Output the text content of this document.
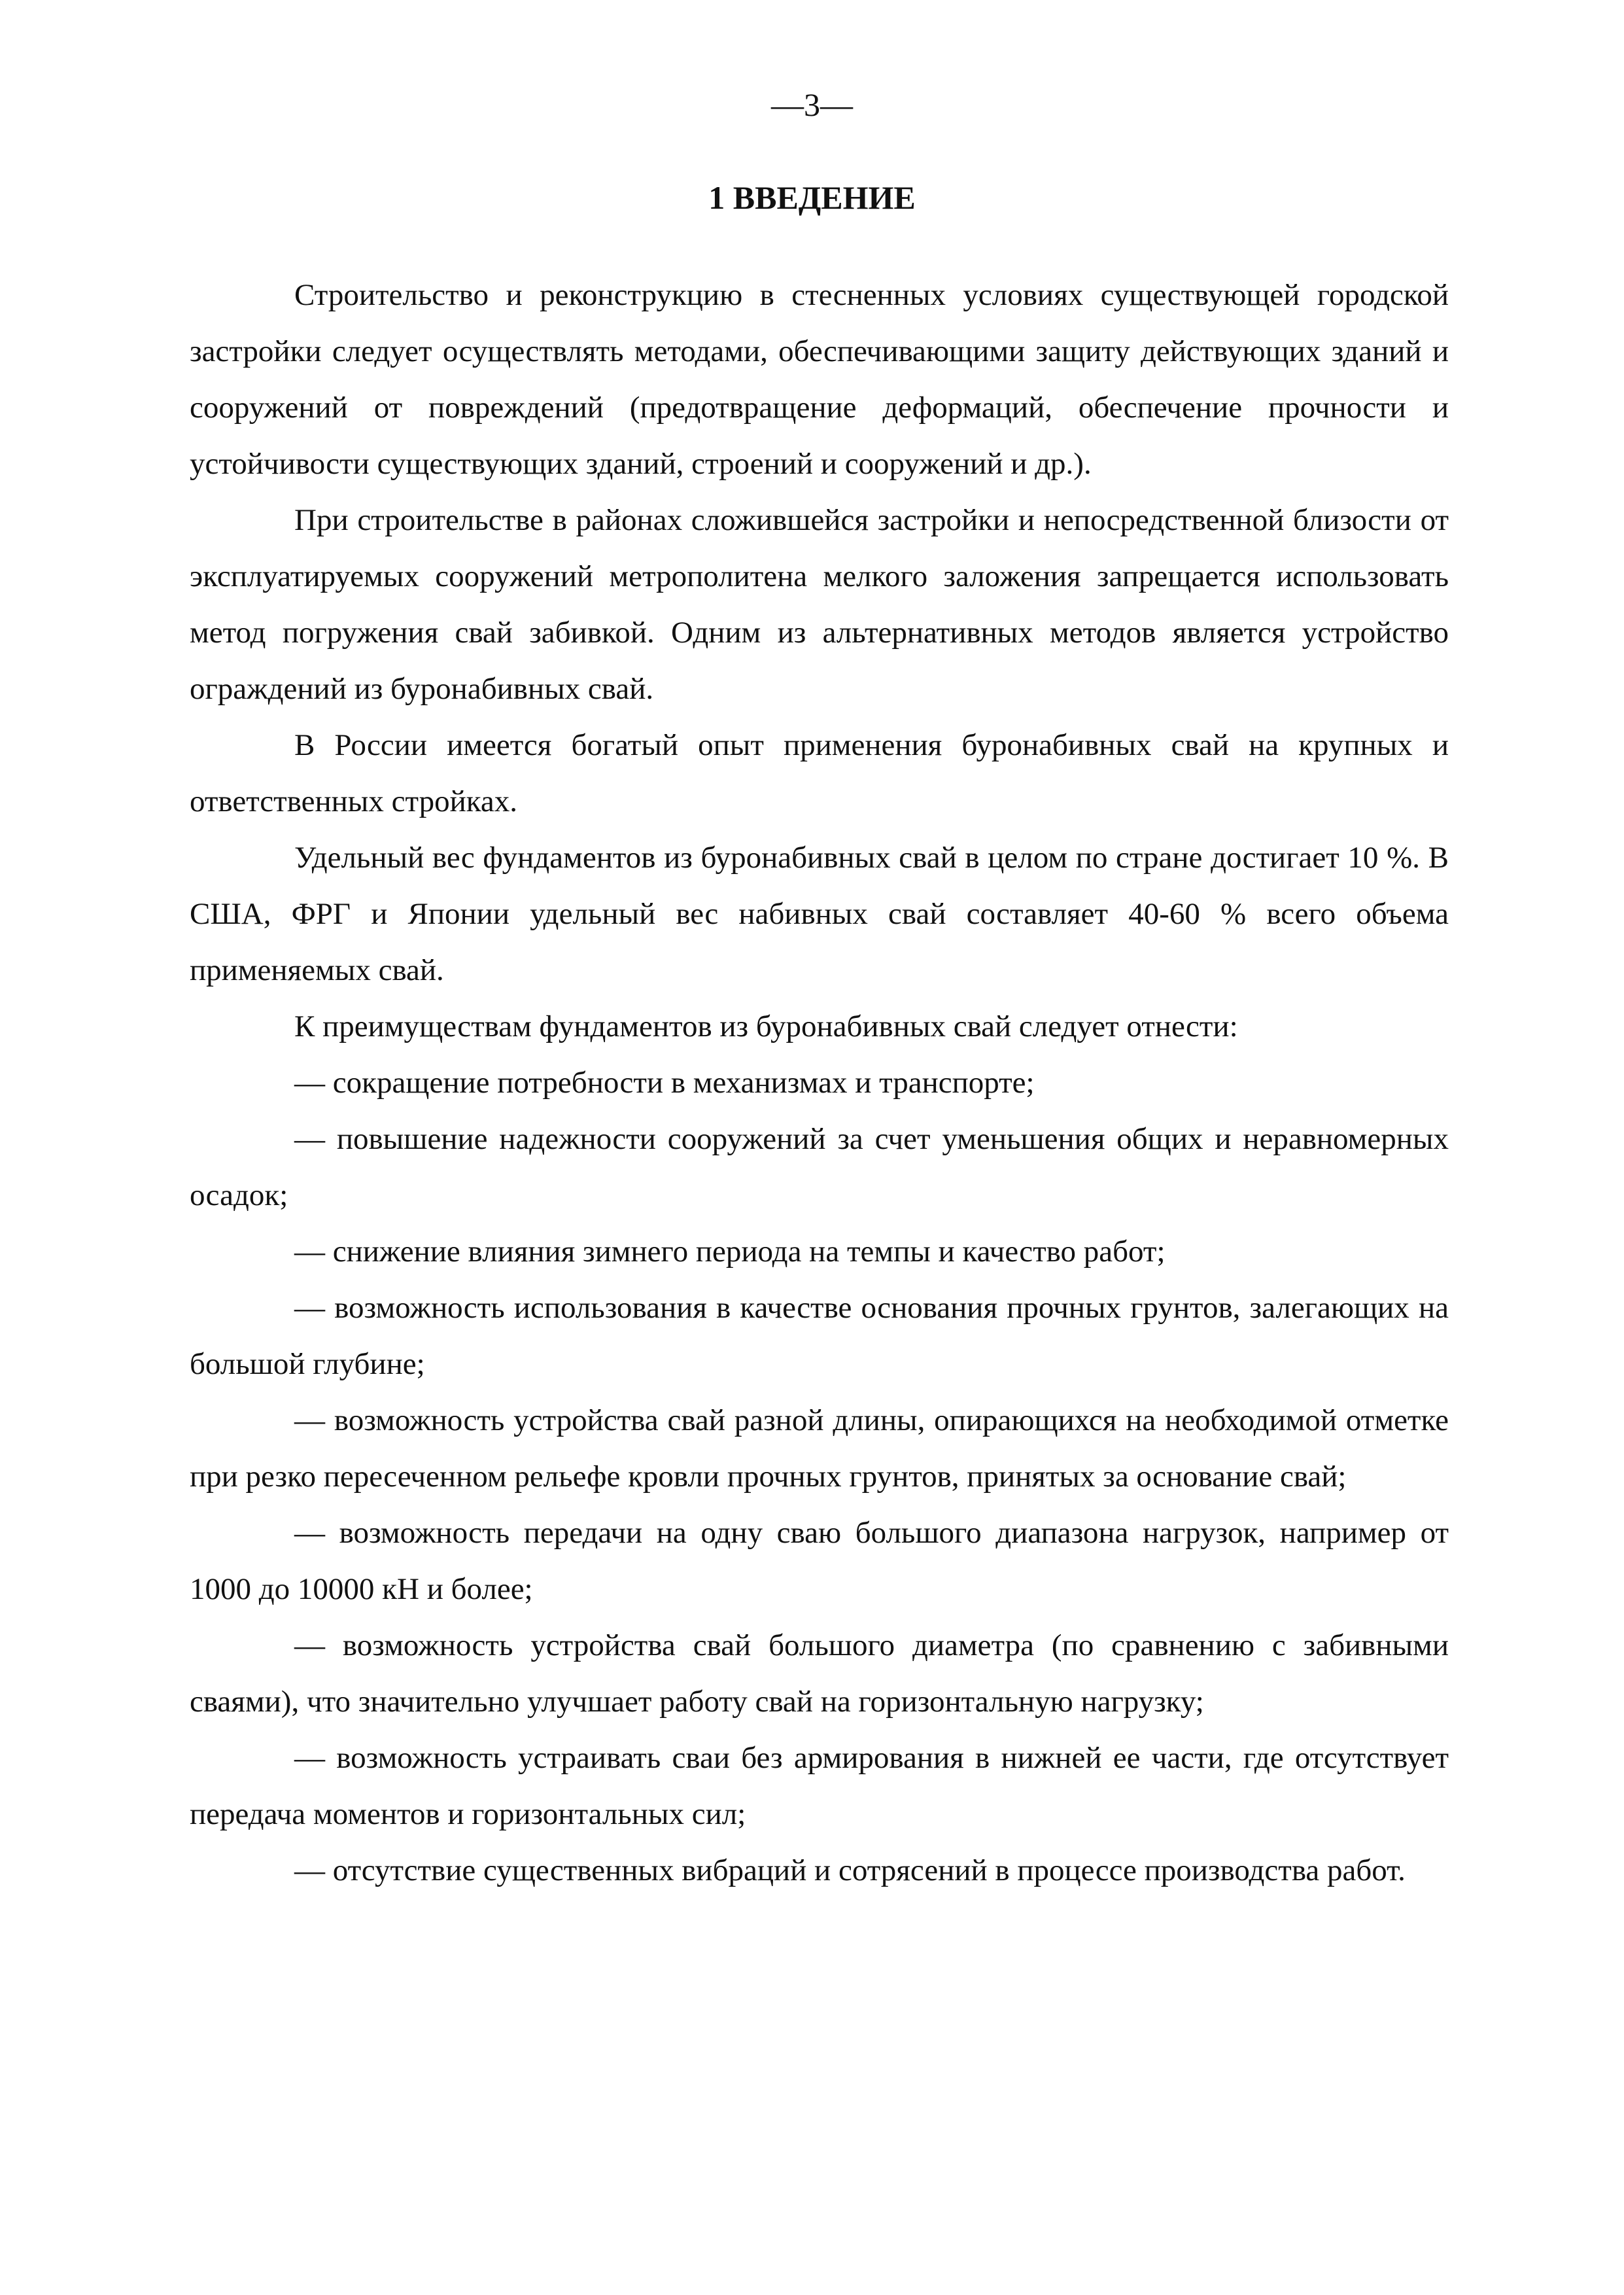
—3—
1 ВВЕДЕНИЕ

Строительство и реконструкцию в стесненных условиях существующей городской застройки следует осуществлять методами, обеспечивающими защиту действующих зданий и сооружений от повреждений (предотвращение деформаций, обеспечение прочности и устойчивости существующих зданий, строений и сооружений и др.).

При строительстве в районах сложившейся застройки и непосредственной близости от эксплуатируемых сооружений метрополитена мелкого заложения запрещается использовать метод погружения свай забивкой. Одним из альтернативных методов является устройство ограждений из буронабивных свай.

В России имеется богатый опыт применения буронабивных свай на крупных и ответственных стройках.

Удельный вес фундаментов из буронабивных свай в целом по стране достигает 10 %. В США, ФРГ и Японии удельный вес набивных свай составляет 40-60 % всего объема применяемых свай.

К преимуществам фундаментов из буронабивных свай следует отнести:

— сокращение потребности в механизмах и транспорте;

— повышение надежности сооружений за счет уменьшения общих и неравномерных осадок;

— снижение влияния зимнего периода на темпы и качество работ;

— возможность использования в качестве основания прочных грунтов, залегающих на большой глубине;

— возможность устройства свай разной длины, опирающихся на необходимой отметке при резко пересеченном рельефе кровли прочных грунтов, принятых за основание свай;

— возможность передачи на одну сваю большого диапазона нагрузок, например от 1000 до 10000 кН и более;

— возможность устройства свай большого диаметра (по сравнению с забивными сваями), что значительно улучшает работу свай на горизонтальную нагрузку;

— возможность устраивать сваи без армирования в нижней ее части, где отсутствует передача моментов и горизонтальных сил;

— отсутствие существенных вибраций и сотрясений в процессе производства работ.
